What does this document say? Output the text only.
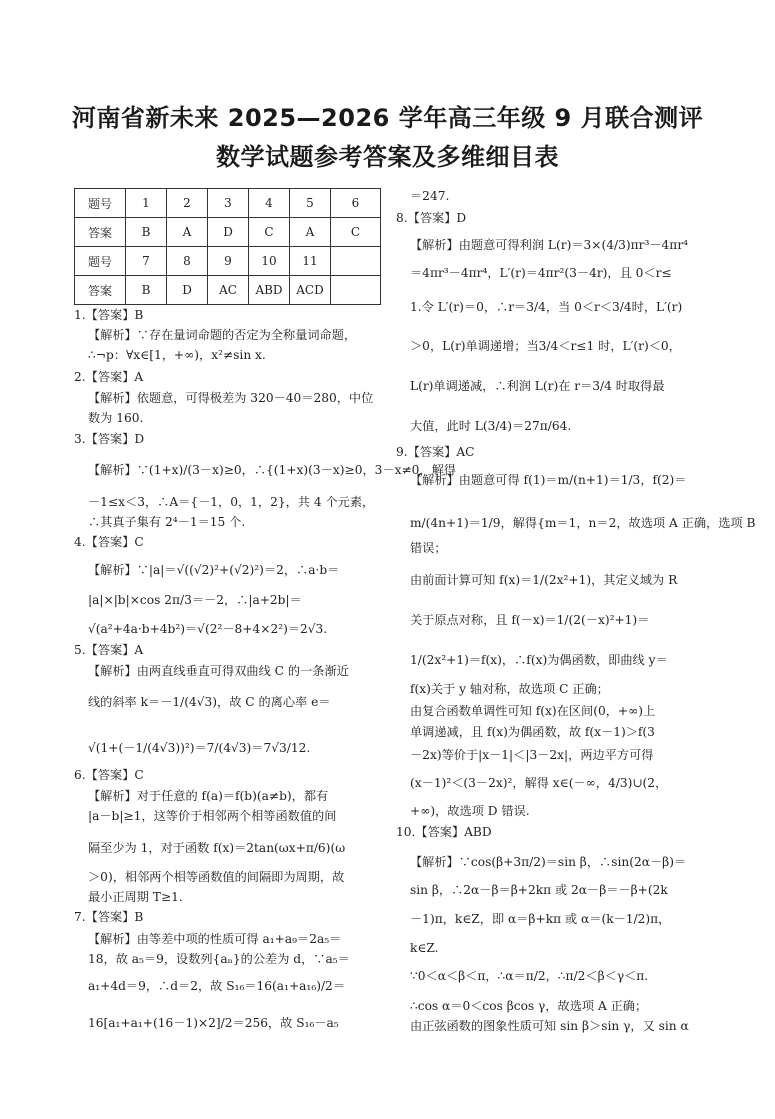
河南省新未来 2025—2026 学年高三年级 9 月联合测评
数学试题参考答案及多维细目表
题号	1	2	3	4	5	6
答案	B	A	D	C	A	C
题号	7	8	9	10	11	
答案	B	D	AC	ABD	ACD	
1.【答案】B
【解析】∵存在量词命题的否定为全称量词命题，
∴¬p：∀x∈[1，+∞)，x²≠sin x.
2.【答案】A
【解析】依题意，可得极差为 320－40＝280，中位
数为 160.
3.【答案】D
【解析】∵(1+x)/(3－x)≥0，∴{(1+x)(3－x)≥0，3－x≠0，解得
－1≤x＜3，∴A＝{－1，0，1，2}，共 4 个元素，
∴其真子集有 2⁴－1＝15 个.
4.【答案】C
【解析】∵|a|＝√((√2)²+(√2)²)＝2，∴a·b＝
|a|×|b|×cos 2π/3＝－2，∴|a+2b|＝
√(a²+4a·b+4b²)＝√(2²－8+4×2²)＝2√3.
5.【答案】A
【解析】由两直线垂直可得双曲线 C 的一条渐近
线的斜率 k＝－1/(4√3)，故 C 的离心率 e＝
√(1+(－1/(4√3))²)＝7/(4√3)＝7√3/12.
6.【答案】C
【解析】对于任意的 f(a)＝f(b)(a≠b)，都有
|a－b|≥1，这等价于相邻两个相等函数值的间
隔至少为 1，对于函数 f(x)＝2tan(ωx+π/6)(ω
＞0)，相邻两个相等函数值的间隔即为周期，故
最小正周期 T≥1.
7.【答案】B
【解析】由等差中项的性质可得 a₁+a₉＝2a₅＝
18，故 a₅＝9，设数列{aₙ}的公差为 d，∵a₅＝
a₁+4d＝9，∴d＝2，故 S₁₆＝16(a₁+a₁₆)/2＝
16[a₁+a₁+(16－1)×2]/2＝256，故 S₁₆－a₅
＝247.
8.【答案】D
【解析】由题意可得利润 L(r)＝3×(4/3)πr³－4πr⁴
＝4πr³－4πr⁴，L′(r)＝4πr²(3－4r)，且 0＜r≤
1.令 L′(r)＝0，∴r＝3/4，当 0＜r＜3/4时，L′(r)
＞0，L(r)单调递增；当3/4＜r≤1 时，L′(r)＜0，
L(r)单调递减，∴利润 L(r)在 r＝3/4 时取得最
大值，此时 L(3/4)＝27π/64.
9.【答案】AC
【解析】由题意可得 f(1)＝m/(n+1)＝1/3，f(2)＝
m/(4n+1)＝1/9，解得{m＝1，n＝2，故选项 A 正确，选项 B
错误；
由前面计算可知 f(x)＝1/(2x²+1)，其定义域为 R
关于原点对称，且 f(－x)＝1/(2(－x)²+1)＝
1/(2x²+1)＝f(x)，∴f(x)为偶函数，即曲线 y＝
f(x)关于 y 轴对称，故选项 C 正确；
由复合函数单调性可知 f(x)在区间(0，+∞)上
单调递减，且 f(x)为偶函数，故 f(x－1)＞f(3
－2x)等价于|x－1|＜|3－2x|，两边平方可得
(x－1)²＜(3－2x)²，解得 x∈(－∞，4/3)∪(2，
+∞)，故选项 D 错误.
10.【答案】ABD
【解析】∵cos(β+3π/2)＝sin β，∴sin(2α－β)＝
sin β，∴2α－β＝β+2kπ 或 2α－β＝－β+(2k
－1)π，k∈Z，即 α＝β+kπ 或 α＝(k－1/2)π，
k∈Z.
∵0＜α＜β＜π，∴α＝π/2，∴π/2＜β＜γ＜π.
∴cos α＝0＜cos βcos γ，故选项 A 正确；
由正弦函数的图象性质可知 sin β＞sin γ，又 sin α
